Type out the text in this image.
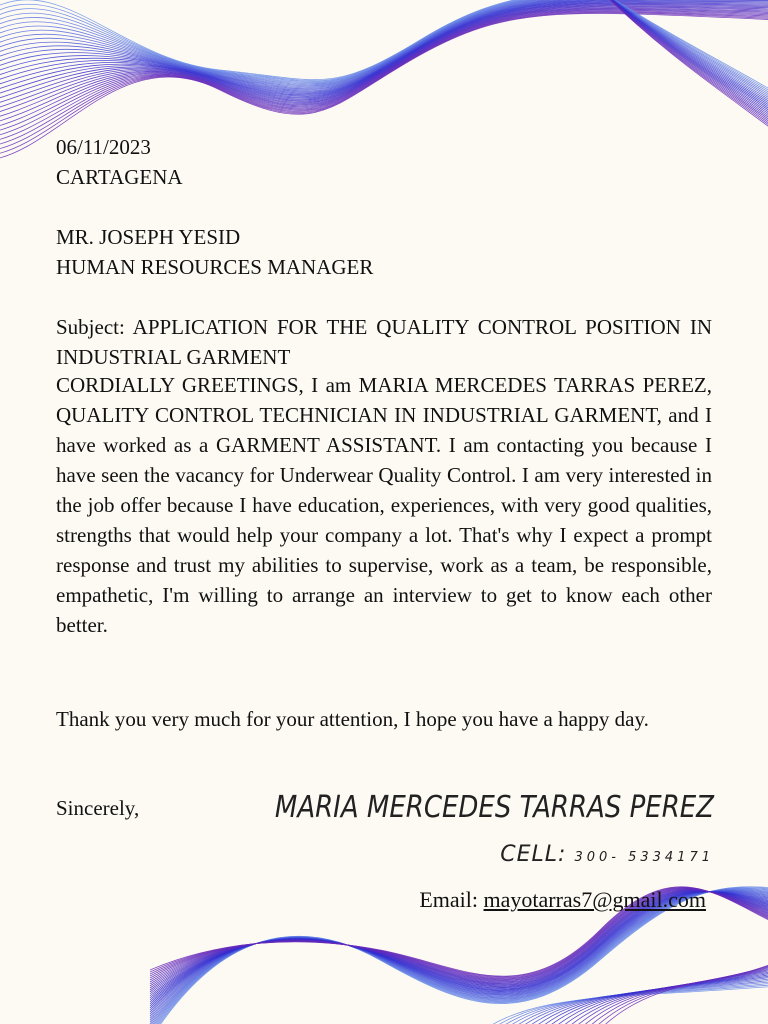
06/11/2023
CARTAGENA
MR. JOSEPH YESID
HUMAN RESOURCES MANAGER
Subject: APPLICATION FOR THE QUALITY CONTROL POSITION IN INDUSTRIAL GARMENT
CORDIALLY GREETINGS, I am MARIA MERCEDES TARRAS PEREZ, QUALITY CONTROL TECHNICIAN IN INDUSTRIAL GARMENT, and I have worked as a GARMENT ASSISTANT. I am contacting you because I have seen the vacancy for Underwear Quality Control. I am very interested in the job offer because I have education, experiences, with very good qualities, strengths that would help your company a lot. That's why I expect a prompt response and trust my abilities to supervise, work as a team, be responsible, empathetic, I'm willing to arrange an interview to get to know each other better.
Thank you very much for your attention, I hope you have a happy day.
Sincerely,	MARIA MERCEDES TARRAS PEREZ
CELL: 300- 5334171
Email: mayotarras7@gmail.com
